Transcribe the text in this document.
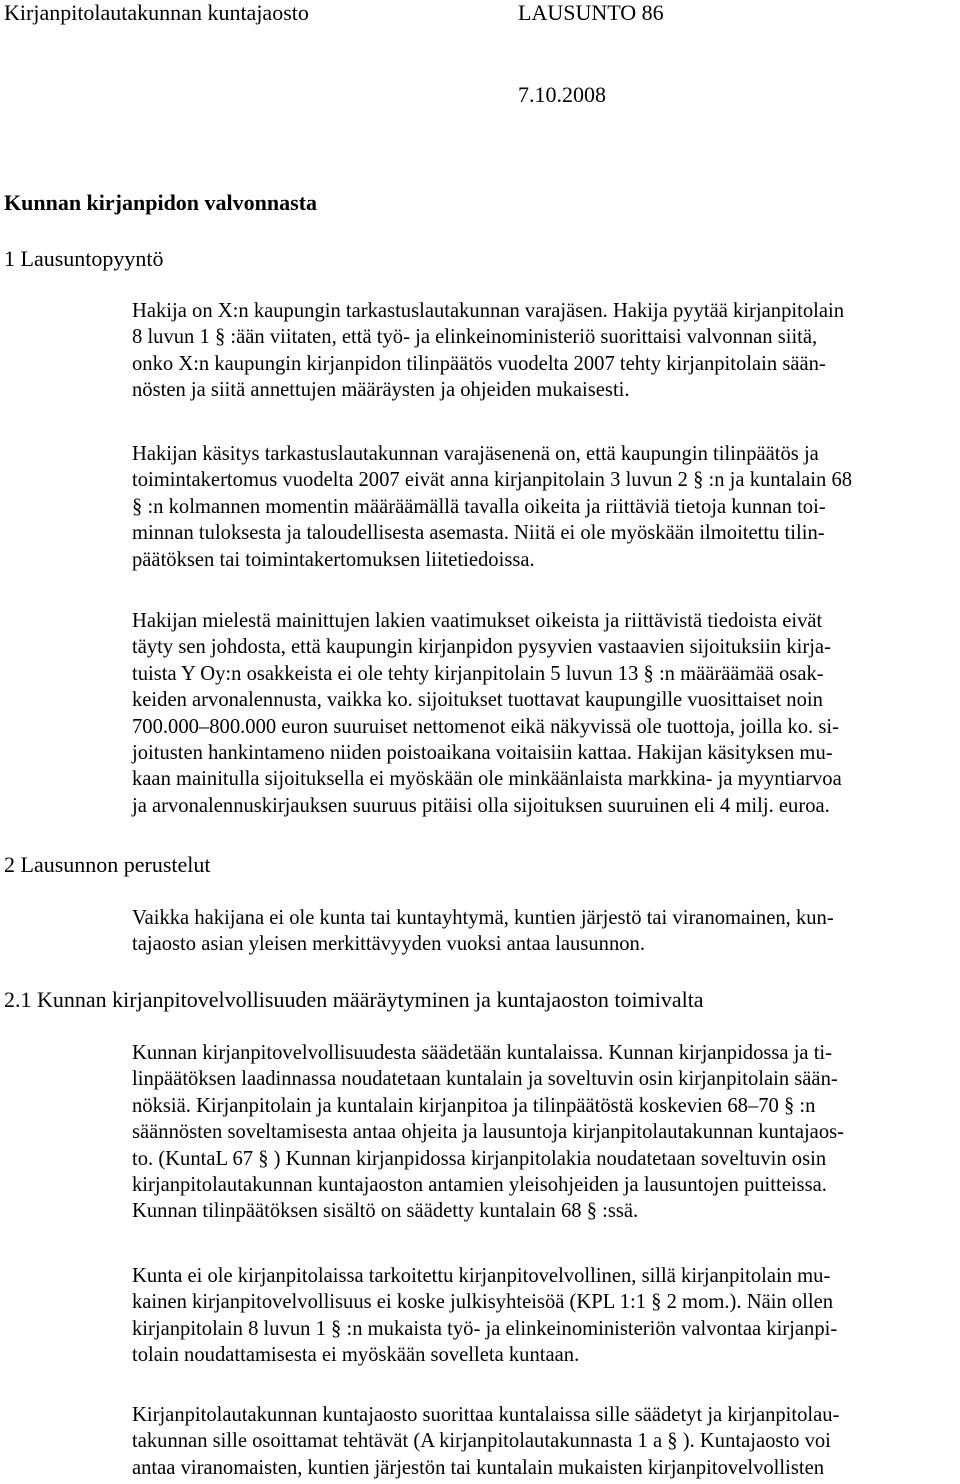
Kirjanpitolautakunnan kuntajaosto	LAUSUNTO 86
7.10.2008
Kunnan kirjanpidon valvonnasta
1 Lausuntopyyntö
Hakija on X:n kaupungin tarkastuslautakunnan varajäsen. Hakija pyytää kirjanpitolain
8 luvun 1 § :ään viitaten, että työ- ja elinkeinoministeriö suorittaisi valvonnan siitä,
onko X:n kaupungin kirjanpidon tilinpäätös vuodelta 2007 tehty kirjanpitolain sään-
nösten ja siitä annettujen määräysten ja ohjeiden mukaisesti.
Hakijan käsitys tarkastuslautakunnan varajäsenenä on, että kaupungin tilinpäätös ja
toimintakertomus vuodelta 2007 eivät anna kirjanpitolain 3 luvun 2 § :n ja kuntalain 68
§ :n kolmannen momentin määräämällä tavalla oikeita ja riittäviä tietoja kunnan toi-
minnan tuloksesta ja taloudellisesta asemasta. Niitä ei ole myöskään ilmoitettu tilin-
päätöksen tai toimintakertomuksen liitetiedoissa.
Hakijan mielestä mainittujen lakien vaatimukset oikeista ja riittävistä tiedoista eivät
täyty sen johdosta, että kaupungin kirjanpidon pysyvien vastaavien sijoituksiin kirja-
tuista Y Oy:n osakkeista ei ole tehty kirjanpitolain 5 luvun 13 § :n määräämää osak-
keiden arvonalennusta, vaikka ko. sijoitukset tuottavat kaupungille vuosittaiset noin
700.000–800.000 euron suuruiset nettomenot eikä näkyvissä ole tuottoja, joilla ko. si-
joitusten hankintameno niiden poistoaikana voitaisiin kattaa. Hakijan käsityksen mu-
kaan mainitulla sijoituksella ei myöskään ole minkäänlaista markkina- ja myyntiarvoa
ja arvonalennuskirjauksen suuruus pitäisi olla sijoituksen suuruinen eli 4 milj. euroa.
2 Lausunnon perustelut
Vaikka hakijana ei ole kunta tai kuntayhtymä, kuntien järjestö tai viranomainen, kun-
tajaosto asian yleisen merkittävyyden vuoksi antaa lausunnon.
2.1 Kunnan kirjanpitovelvollisuuden määräytyminen ja kuntajaoston toimivalta
Kunnan kirjanpitovelvollisuudesta säädetään kuntalaissa. Kunnan kirjanpidossa ja ti-
linpäätöksen laadinnassa noudatetaan kuntalain ja soveltuvin osin kirjanpitolain sään-
nöksiä. Kirjanpitolain ja kuntalain kirjanpitoa ja tilinpäätöstä koskevien 68–70 § :n
säännösten soveltamisesta antaa ohjeita ja lausuntoja kirjanpitolautakunnan kuntajaos-
to. (KuntaL 67 § ) Kunnan kirjanpidossa kirjanpitolakia noudatetaan soveltuvin osin
kirjanpitolautakunnan kuntajaoston antamien yleisohjeiden ja lausuntojen puitteissa.
Kunnan tilinpäätöksen sisältö on säädetty kuntalain 68 § :ssä.
Kunta ei ole kirjanpitolaissa tarkoitettu kirjanpitovelvollinen, sillä kirjanpitolain mu-
kainen kirjanpitovelvollisuus ei koske julkisyhteisöä (KPL 1:1 § 2 mom.). Näin ollen
kirjanpitolain 8 luvun 1 § :n mukaista työ- ja elinkeinoministeriön valvontaa kirjanpi-
tolain noudattamisesta ei myöskään sovelleta kuntaan.
Kirjanpitolautakunnan kuntajaosto suorittaa kuntalaissa sille säädetyt ja kirjanpitolau-
takunnan sille osoittamat tehtävät (A kirjanpitolautakunnasta 1 a § ). Kuntajaosto voi
antaa viranomaisten, kuntien järjestön tai kuntalain mukaisten kirjanpitovelvollisten
